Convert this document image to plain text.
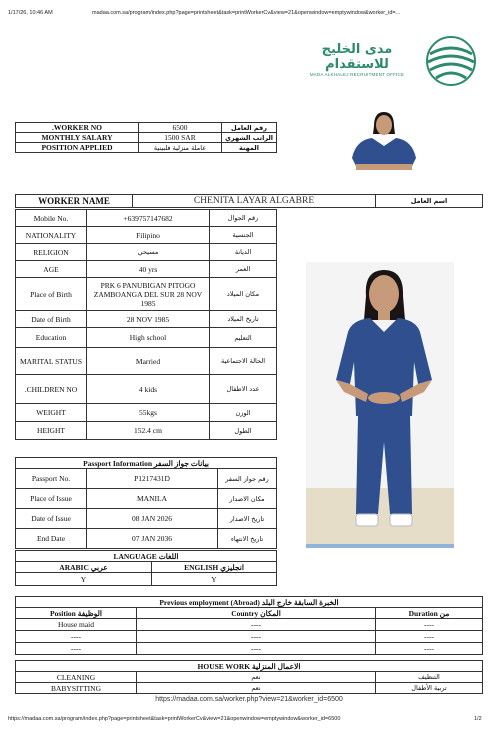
1/17/26, 10:46 AM	madaa.com.sa/program/index.php?page=printsheet&task=printWorkerCv&view=21&openwindow=emptywindow&worker_id=...
مدى الخليج للاستقدام
MADA ALKHALEJ RECRUITMENT OFFICE
.WORKER NO	6500	رقم العامل
MONTHLY SALARY	1500 SAR	الراتب الشهري
POSITION APPLIED	عاملة منزلية فلبينية	المهنة
WORKER NAME	CHENITA LAYAR ALGABRE	اسم العامل
Mobile No.	+639757147682	رقم الجوال
NATIONALITY	Filipino	الجنسية
RELIGION	مسيحي	الديانة
AGE	40 yrs	العمر
Place of Birth	PRK 6 PANUBIGAN PITOGO ZAMBOANGA DEL SUR 28 NOV 1985	مكان الميلاد
Date of Birth	28 NOV 1985	تاريخ الميلاد
Education	High school	التعليم
MARITAL STATUS	Married	الحالة الاجتماعية
.CHILDREN NO	4 kids	عدد الاطفال
WEIGHT	55kgs	الوزن
HEIGHT	152.4 cm	الطول
Passport Information بيانات جواز السفر		
Passport No.	P1217431D	رقم جواز السفر
Place of Issue	MANILA	مكان الاصدار
Date of Issue	08 JAN 2026	تاريخ الاصدار
End Date	07 JAN 2036	تاريخ الانتهاء
LANGUAGE اللغات	
ARABIC عربي	ENGLISH انجليزي
Y	Y
Previous employment (Abroad) الخبرة السابقة خارج البلد		
Position الوظيفة	Country المكان	Duration من
House maid	----	----
----	----	----
----	----	----
HOUSE WORK الاعمال المنزلية		
CLEANING	نعم	التنظيف
BABYSITTING	نعم	تربية الأطفال
https://madaa.com.sa/worker.php?view=21&worker_id=6500
https://madaa.com.sa/program/index.php?page=printsheet&task=printWorkerCv&view=21&openwindow=emptywindow&worker_id=6500	1/2
